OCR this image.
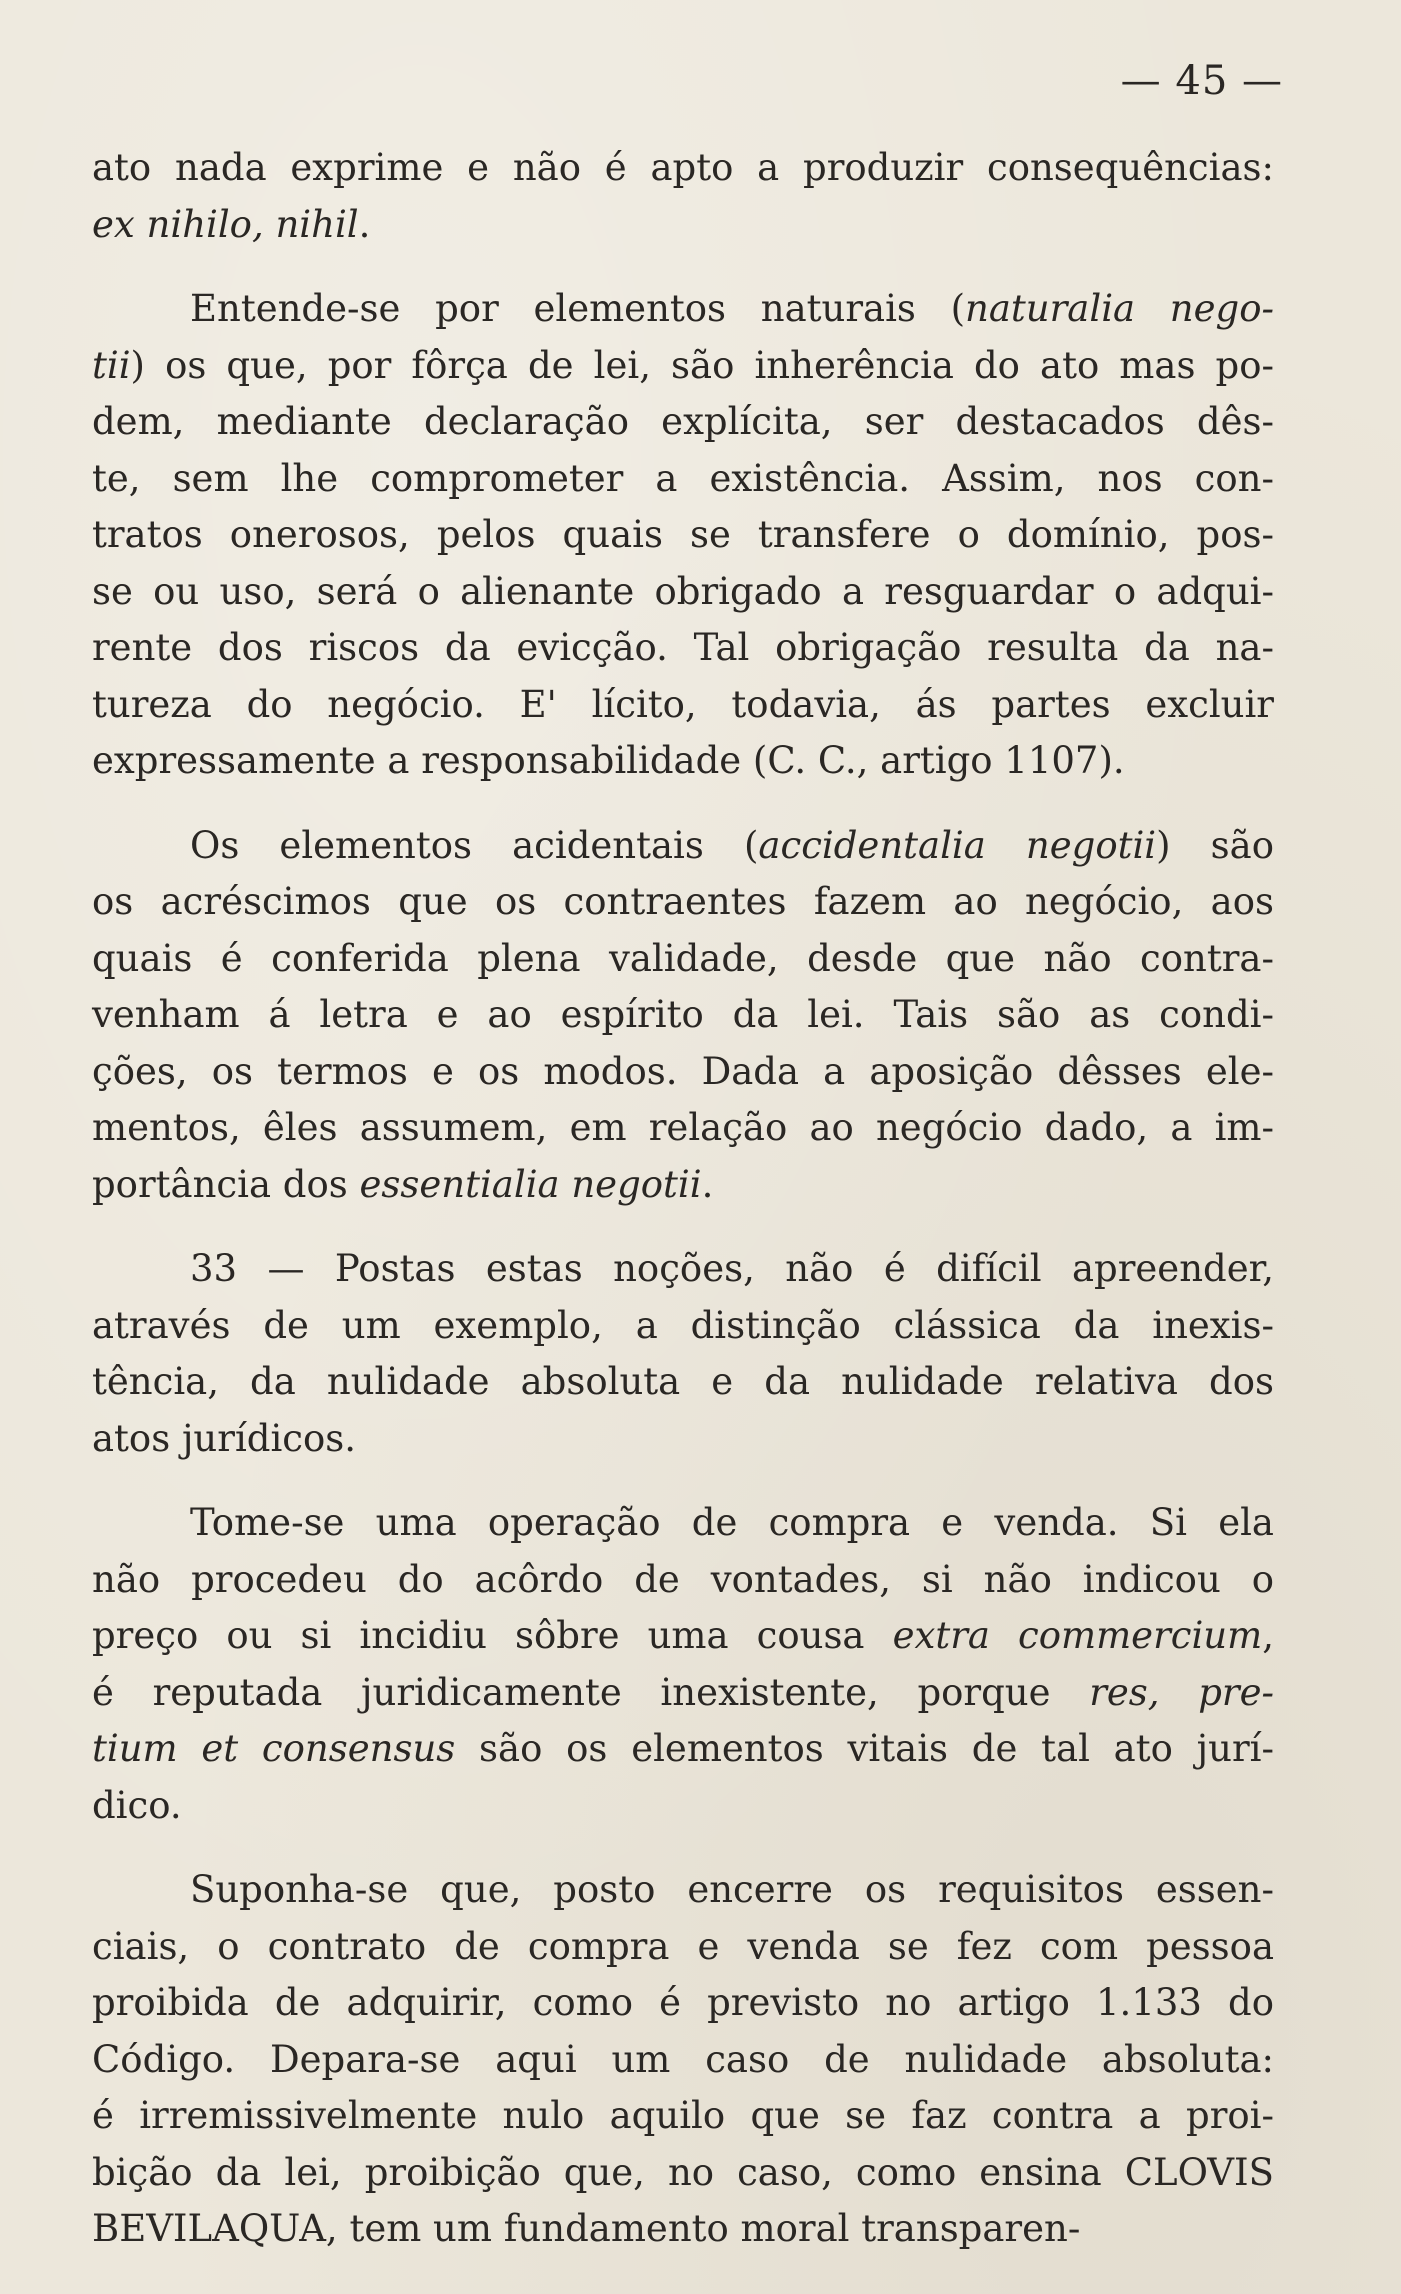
— 45 —

ato nada exprime e não é apto a produzir consequências:
ex nihilo, nihil.

Entende-se por elementos naturais (naturalia nego-
tii) os que, por fôrça de lei, são inherência do ato mas po-
dem, mediante declaração explícita, ser destacados dês-
te, sem lhe comprometer a existência. Assim, nos con-
tratos onerosos, pelos quais se transfere o domínio, pos-
se ou uso, será o alienante obrigado a resguardar o adqui-
rente dos riscos da evicção. Tal obrigação resulta da na-
tureza do negócio. E' lícito, todavia, ás partes excluir
expressamente a responsabilidade (C. C., artigo 1107).

Os elementos acidentais (accidentalia negotii) são
os acréscimos que os contraentes fazem ao negócio, aos
quais é conferida plena validade, desde que não contra-
venham á letra e ao espírito da lei. Tais são as condi-
ções, os termos e os modos. Dada a aposição dêsses ele-
mentos, êles assumem, em relação ao negócio dado, a im-
portância dos essentialia negotii.

33 — Postas estas noções, não é difícil apreender,
através de um exemplo, a distinção clássica da inexis-
tência, da nulidade absoluta e da nulidade relativa dos
atos jurídicos.

Tome-se uma operação de compra e venda. Si ela
não procedeu do acôrdo de vontades, si não indicou o
preço ou si incidiu sôbre uma cousa extra commercium,
é reputada juridicamente inexistente, porque res, pre-
tium et consensus são os elementos vitais de tal ato jurí-
dico.

Suponha-se que, posto encerre os requisitos essen-
ciais, o contrato de compra e venda se fez com pessoa
proibida de adquirir, como é previsto no artigo 1.133 do
Código. Depara-se aqui um caso de nulidade absoluta:
é irremissivelmente nulo aquilo que se faz contra a proi-
bição da lei, proibição que, no caso, como ensina CLOVIS
BEVILAQUA, tem um fundamento moral transparen-
